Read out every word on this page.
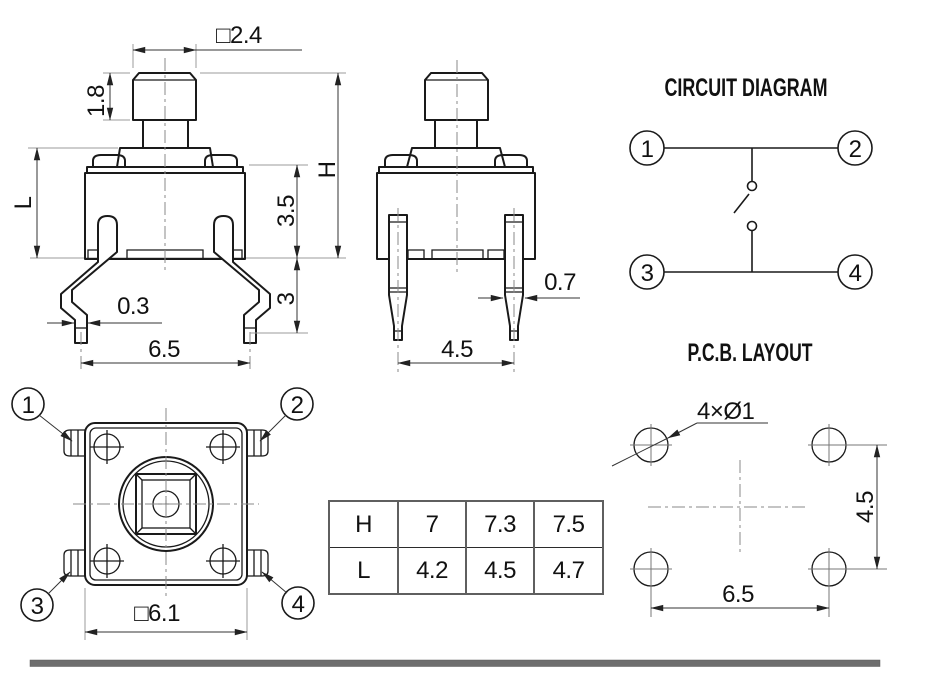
□2.4
1.8
L
H
3.5
3
0.3
6.5
0.7
4.5
CIRCUIT DIAGRAM
1	2
3	4
1	2
3	4
□6.1
P.C.B. LAYOUT
4×Ø1
4.5
6.5
H	7	7.3	7.5
L	4.2	4.5	4.7
